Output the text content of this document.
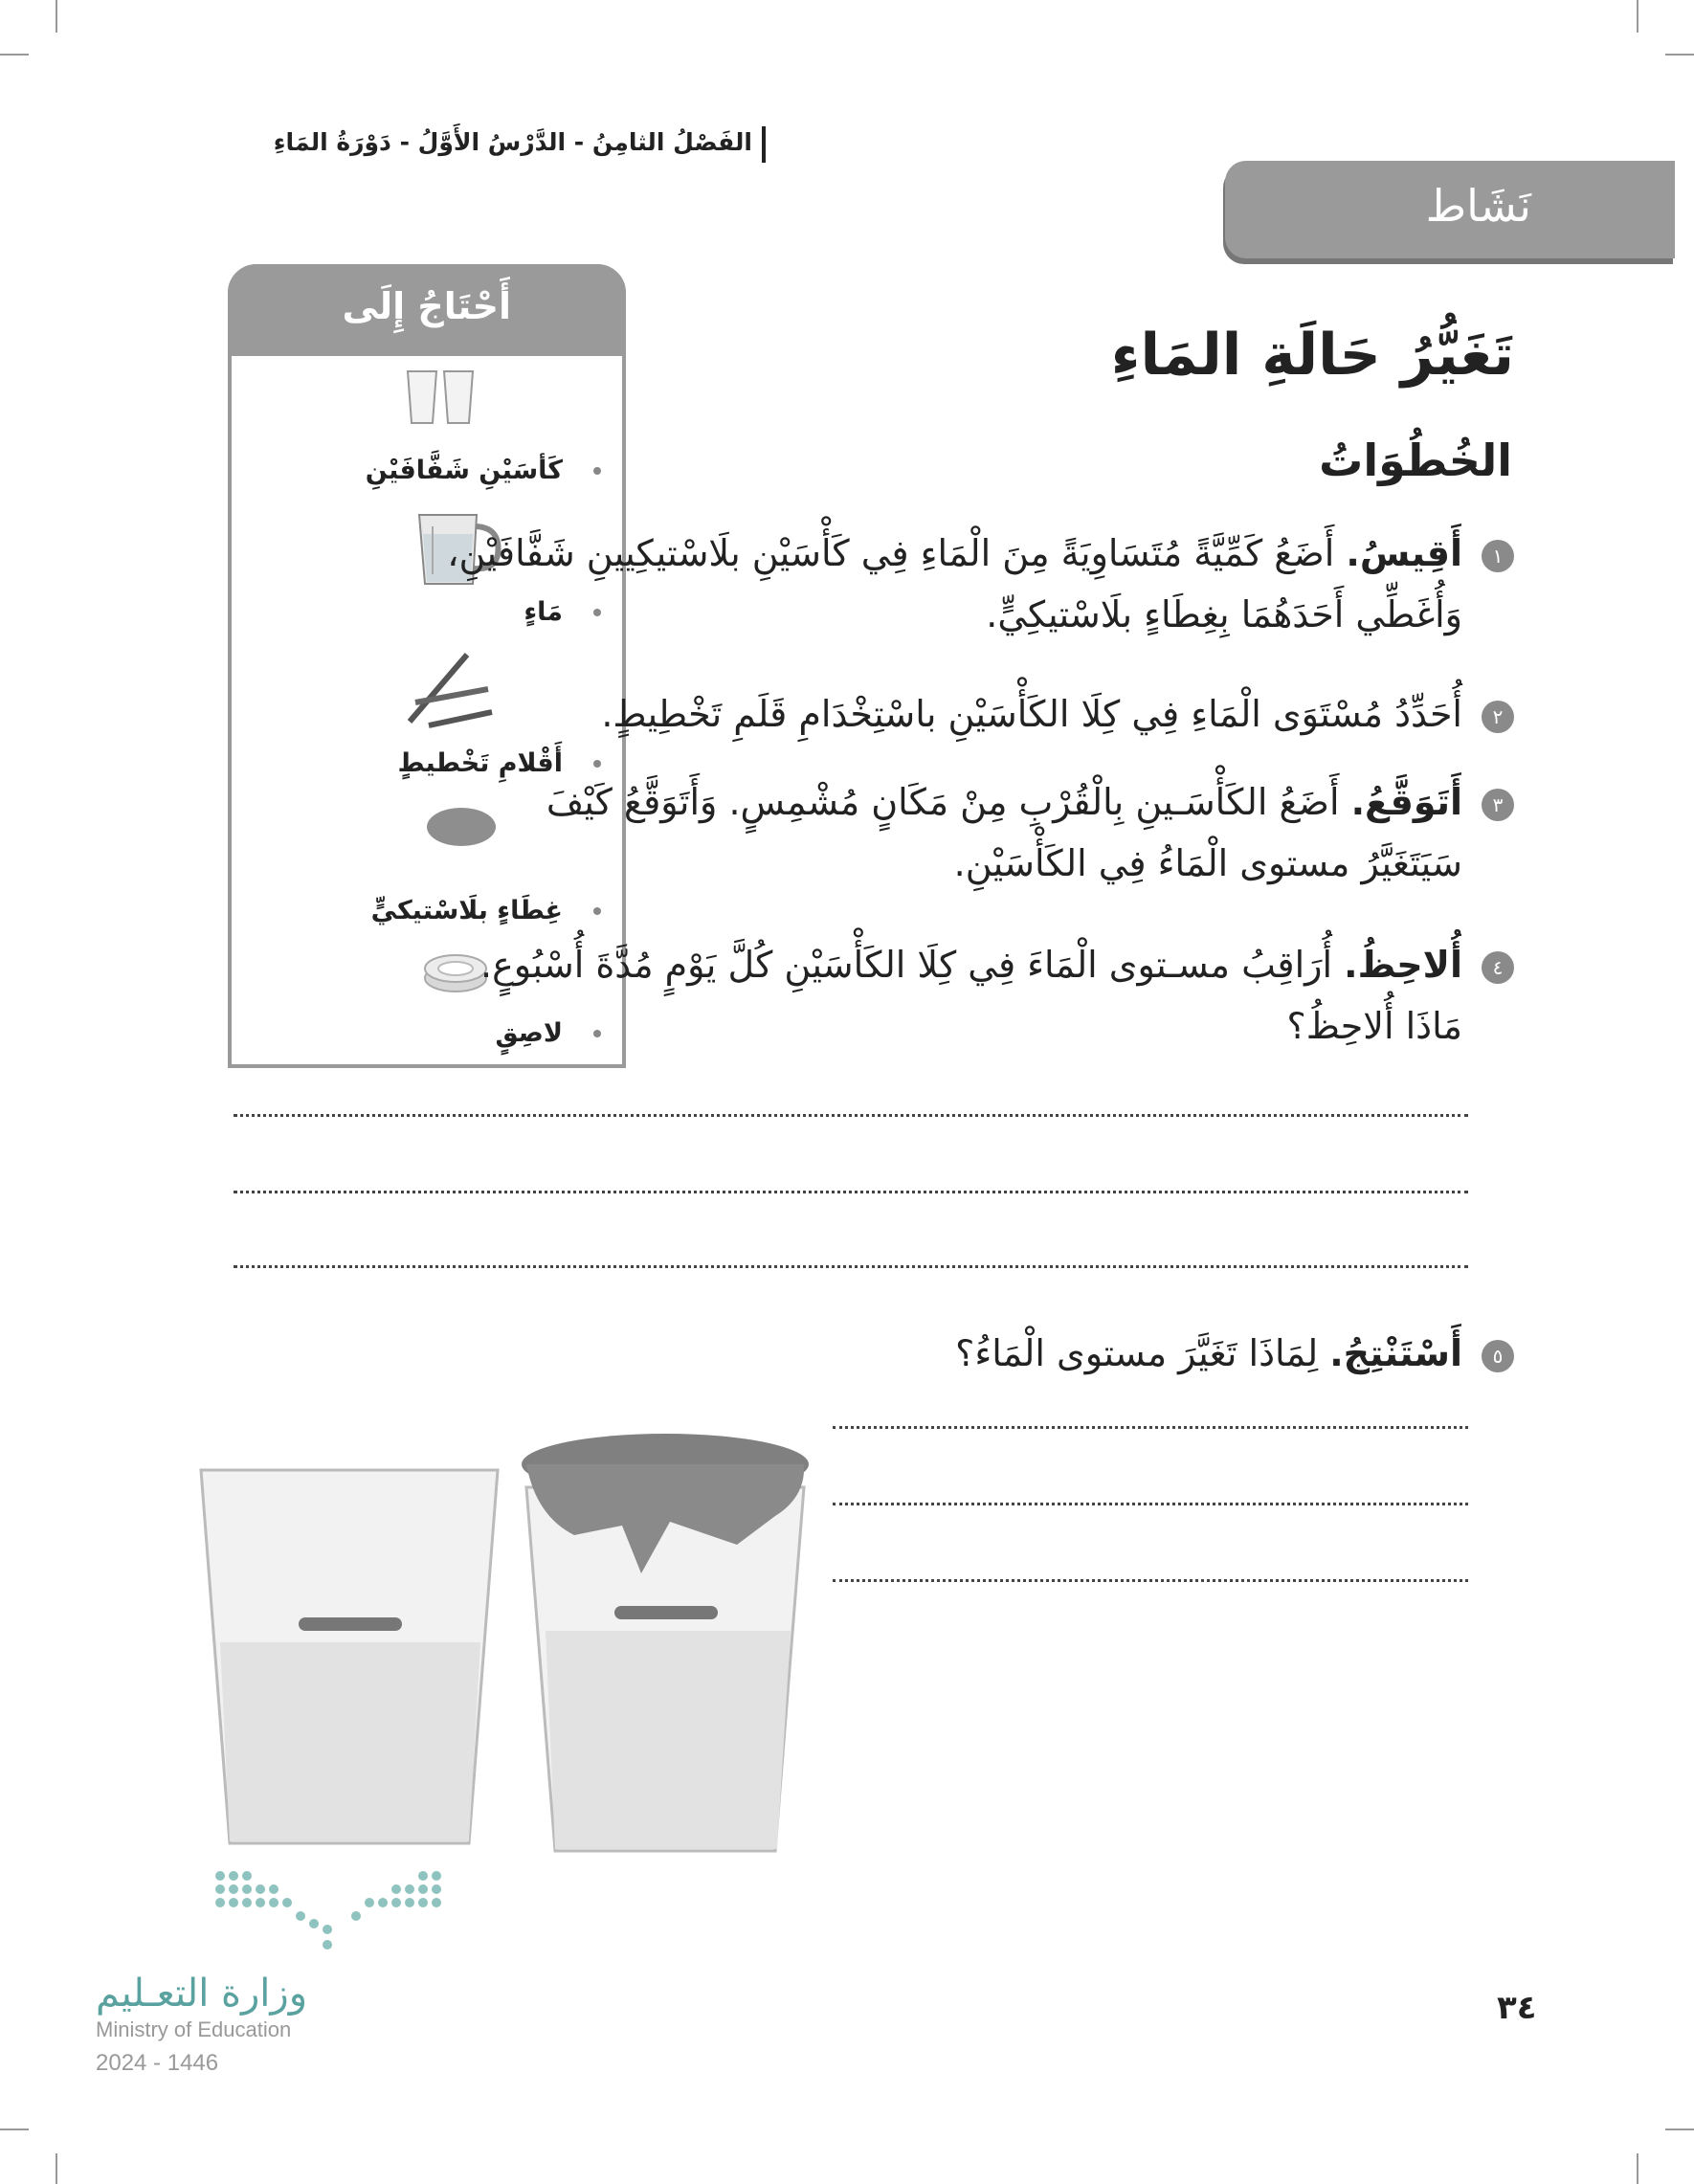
الفَصْلُ الثامِنُ - الدَّرْسُ الأَوَّلُ - دَوْرَةُ المَاءِ
نَشَاط
أَحْتَاجُ إِلَى
كَأسَيْنِ شَفَّافَيْنِ
مَاءٍ
أَقْلامِ تَخْطيطٍ
غِطَاءٍ بلَاسْتيكيٍّ
لاصِقٍ
تَغَيُّرُ حَالَةِ المَاءِ
الخُطُوَاتُ
١
أَقِيسُ. أَضَعُ كَمِّيَّةً مُتَسَاوِيَةً مِنَ الْمَاءِ فِي كَأْسَيْنِ بلَاسْتيكِيينِ شَفَّافَيْنِ، وَأُغَطِّي أَحَدَهُمَا بِغِطَاءٍ بلَاسْتيكِيٍّ.
٢
أُحَدِّدُ مُسْتَوَى الْمَاءِ فِي كِلَا الكَأْسَيْنِ باسْتِخْدَامِ قَلَمِ تَخْطِيطٍ.
٣
أَتَوَقَّعُ. أَضَعُ الكَأْسَـينِ بِالْقُرْبِ مِنْ مَكَانٍ مُشْمِسٍ. وَأَتَوَقَّعُ كَيْفَ سَيَتَغَيَّرُ مستوى الْمَاءُ فِي الكَأْسَيْنِ.
٤
أُلاحِظُ. أُرَاقِبُ مسـتوى الْمَاءَ فِي كِلَا الكَأْسَيْنِ كُلَّ يَوْمٍ مُدَّةَ أُسْبُوعٍ. مَاذَا أُلاحِظُ؟
٥
أَسْتَنْتِجُ. لِمَاذَا تَغَيَّرَ مستوى الْمَاءُ؟
وزارة التعـليم
Ministry of Education
2024 - 1446
٣٤
